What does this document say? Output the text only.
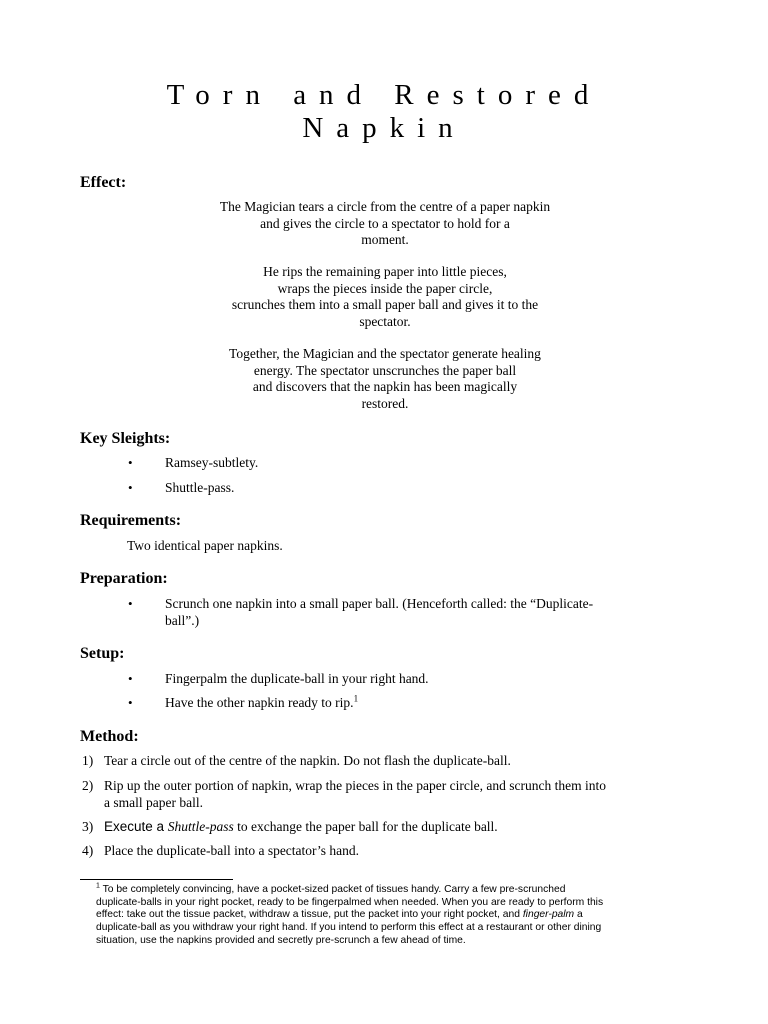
Torn and Restored
Napkin
Effect:
The Magician tears a circle from the centre of a paper napkin
and gives the circle to a spectator to hold for a
moment.
He rips the remaining paper into little pieces,
wraps the pieces inside the paper circle,
scrunches them into a small paper ball and gives it to the
spectator.
Together, the Magician and the spectator generate healing
energy. The spectator unscrunches the paper ball
and discovers that the napkin has been magically
restored.
Key Sleights:
• Ramsey-subtlety.
• Shuttle-pass.
Requirements:
Two identical paper napkins.
Preparation:
• Scrunch one napkin into a small paper ball. (Henceforth called: the “Duplicate-
ball”.)
Setup:
• Fingerpalm the duplicate-ball in your right hand.
• Have the other napkin ready to rip.$^1$
Method:
1) Tear a circle out of the centre of the napkin. Do not flash the duplicate-ball.
2) Rip up the outer portion of napkin, wrap the pieces in the paper circle, and scrunch them into
a small paper ball.
3) Execute a Shuttle-pass to exchange the paper ball for the duplicate ball.
4) Place the duplicate-ball into a spectator’s hand.
$^1$ To be completely convincing, have a pocket-sized packet of tissues handy. Carry a few pre-scrunched
duplicate-balls in your right pocket, ready to be fingerpalmed when needed. When you are ready to perform this
effect: take out the tissue packet, withdraw a tissue, put the packet into your right pocket, and finger-palm a
duplicate-ball as you withdraw your right hand. If you intend to perform this effect at a restaurant or other dining
situation, use the napkins provided and secretly pre-scrunch a few ahead of time.
